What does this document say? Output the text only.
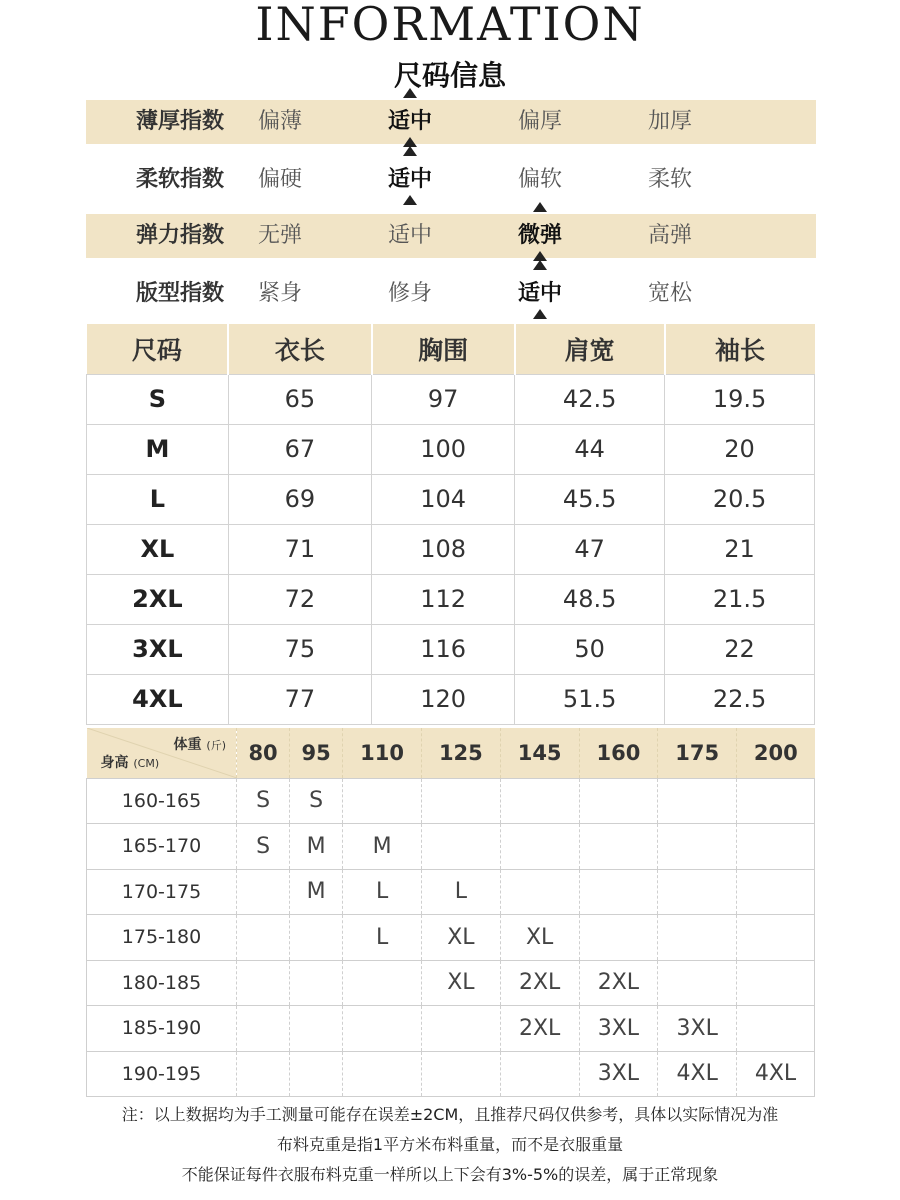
INFORMATION
尺码信息
薄厚指数	偏薄	适中	偏厚	加厚
柔软指数	偏硬	适中	偏软	柔软
弹力指数	无弹	适中	微弹	高弹
版型指数	紧身	修身	适中	宽松
尺码	衣长	胸围	肩宽	袖长
S	65	97	42.5	19.5
M	67	100	44	20
L	69	104	45.5	20.5
XL	71	108	47	21
2XL	72	112	48.5	21.5
3XL	75	116	50	22
4XL	77	120	51.5	22.5
体重 (斤)
身高 (CM)	80	95	110	125	145	160	175	200
160-165	S	S						
165-170	S	M	M					
170-175		M	L	L				
175-180			L	XL	XL			
180-185				XL	2XL	2XL		
185-190					2XL	3XL	3XL	
190-195						3XL	4XL	4XL
注：以上数据均为手工测量可能存在误差±2CM，且推荐尺码仅供参考，具体以实际情况为准
布料克重是指1平方米布料重量，而不是衣服重量
不能保证每件衣服布料克重一样所以上下会有3%-5%的误差，属于正常现象
